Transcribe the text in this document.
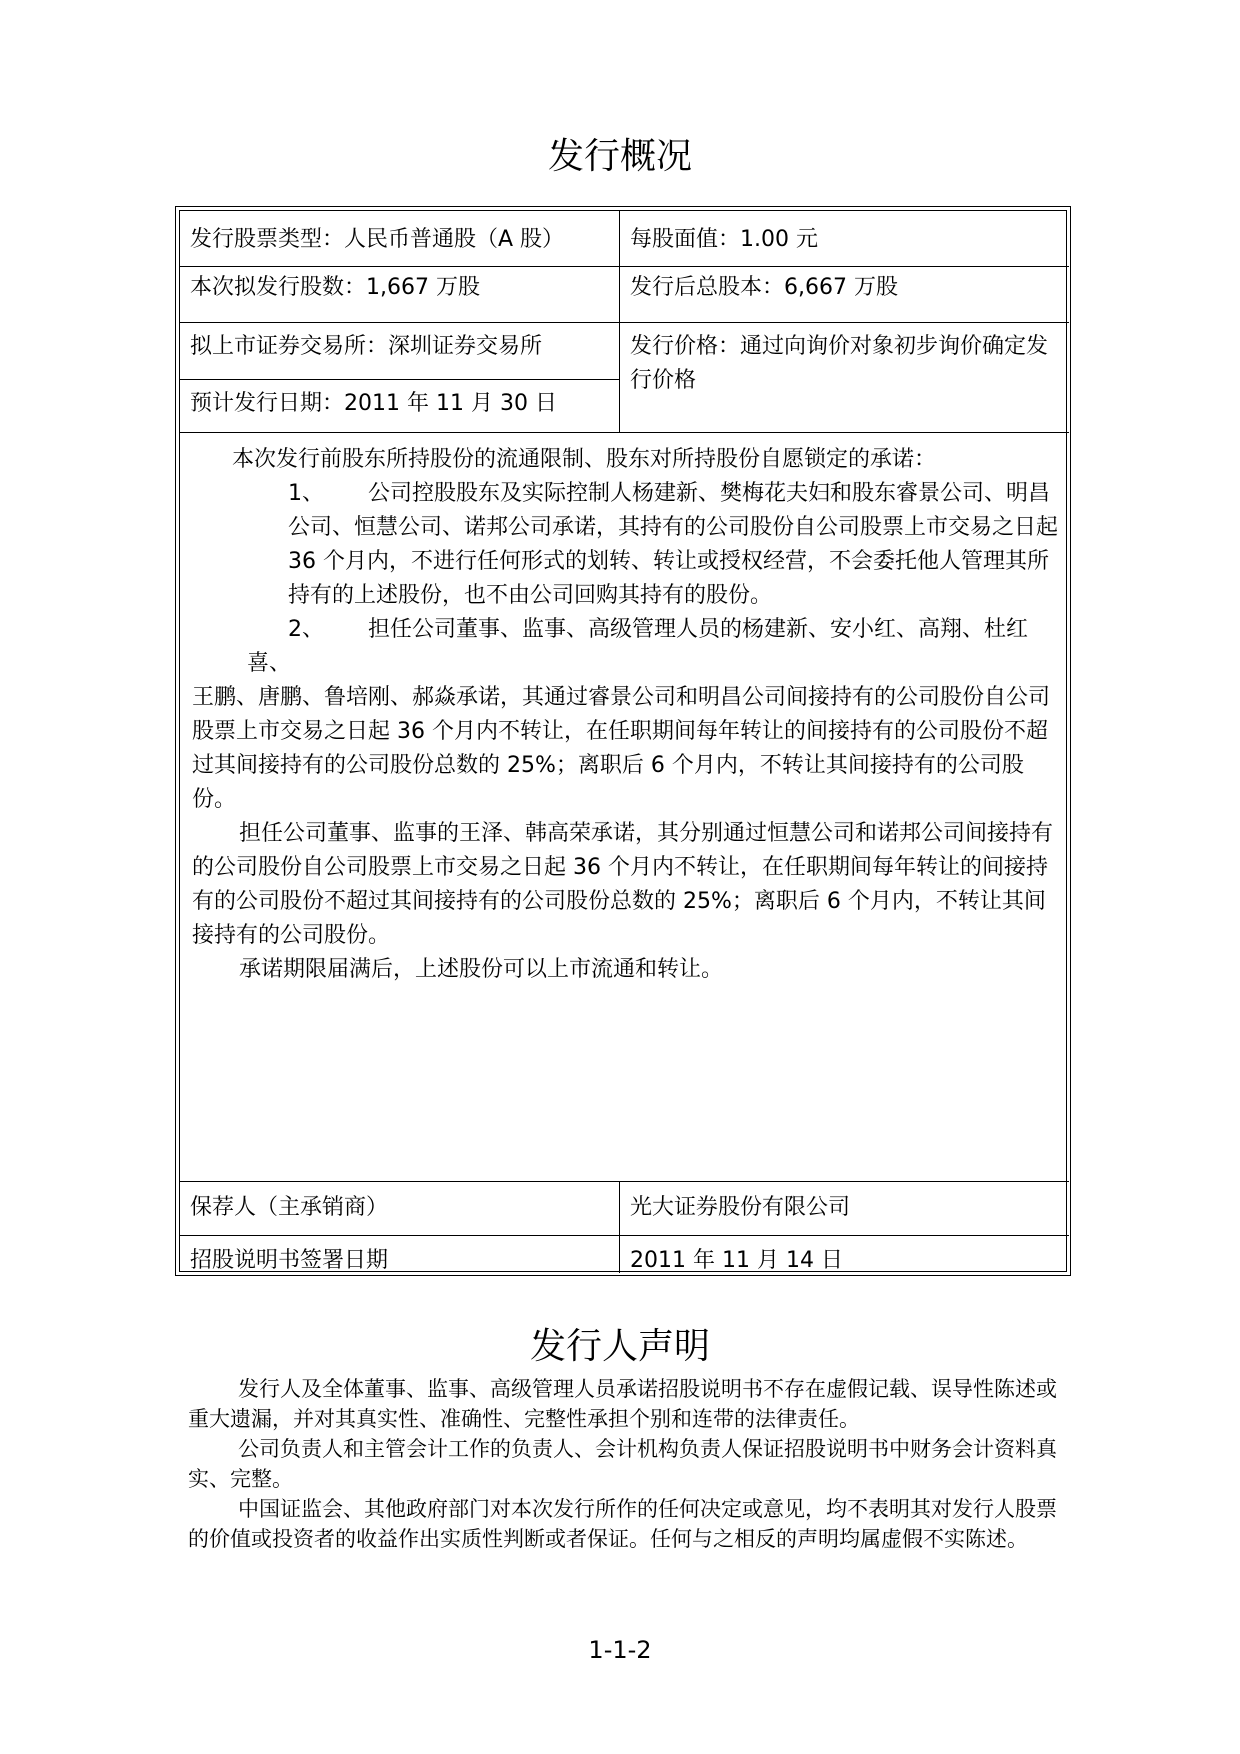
发行概况
发行股票类型：人民币普通股（A 股）	每股面值：1.00 元
本次拟发行股数：1,667 万股	发行后总股本：6,667 万股
拟上市证券交易所：深圳证券交易所	发行价格：通过向询价对象初步询价确定发行价格
预计发行日期：2011 年 11 月 30 日

本次发行前股东所持股份的流通限制、股东对所持股份自愿锁定的承诺：

1、 公司控股股东及实际控制人杨建新、樊梅花夫妇和股东睿景公司、明昌公司、恒慧公司、诺邦公司承诺，其持有的公司股份自公司股票上市交易之日起 36 个月内，不进行任何形式的划转、转让或授权经营，不会委托他人管理其所持有的上述股份，也不由公司回购其持有的股份。

2、 担任公司董事、监事、高级管理人员的杨建新、安小红、高翔、杜红喜、

王鹏、唐鹏、鲁培刚、郝焱承诺，其通过睿景公司和明昌公司间接持有的公司股份自公司股票上市交易之日起 36 个月内不转让，在任职期间每年转让的间接持有的公司股份不超过其间接持有的公司股份总数的 25%；离职后 6 个月内，不转让其间接持有的公司股份。

担任公司董事、监事的王泽、韩高荣承诺，其分别通过恒慧公司和诺邦公司间接持有的公司股份自公司股票上市交易之日起 36 个月内不转让，在任职期间每年转让的间接持有的公司股份不超过其间接持有的公司股份总数的 25%；离职后 6 个月内，不转让其间接持有的公司股份。

承诺期限届满后，上述股份可以上市流通和转让。

保荐人（主承销商）	光大证券股份有限公司
招股说明书签署日期	2011 年 11 月 14 日
发行人声明

发行人及全体董事、监事、高级管理人员承诺招股说明书不存在虚假记载、误导性陈述或重大遗漏，并对其真实性、准确性、完整性承担个别和连带的法律责任。

公司负责人和主管会计工作的负责人、会计机构负责人保证招股说明书中财务会计资料真实、完整。

中国证监会、其他政府部门对本次发行所作的任何决定或意见，均不表明其对发行人股票的价值或投资者的收益作出实质性判断或者保证。任何与之相反的声明均属虚假不实陈述。

1-1-2
